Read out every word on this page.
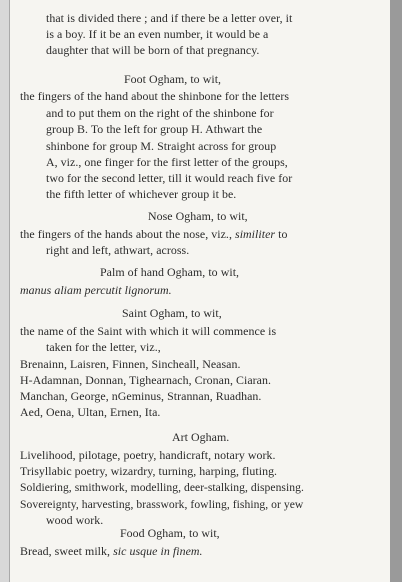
that is divided there ; and if there be a letter over, it
is a boy. If it be an even number, it would be a
daughter that will be born of that pregnancy.
Foot Ogham, to wit,
the fingers of the hand about the shinbone for the letters
and to put them on the right of the shinbone for
group B. To the left for group H. Athwart the
shinbone for group M. Straight across for group
A, viz., one finger for the first letter of the groups,
two for the second letter, till it would reach five for
the fifth letter of whichever group it be.
Nose Ogham, to wit,
the fingers of the hands about the nose, viz., similiter to
right and left, athwart, across.
Palm of hand Ogham, to wit,
manus aliam percutit lignorum.
Saint Ogham, to wit,
the name of the Saint with which it will commence is
taken for the letter, viz.,
Brenainn, Laisren, Finnen, Sincheall, Neasan.
H-Adamnan, Donnan, Tighearnach, Cronan, Ciaran.
Manchan, George, nGeminus, Strannan, Ruadhan.
Aed, Oena, Ultan, Ernen, Ita.
Art Ogham.
Livelihood, pilotage, poetry, handicraft, notary work.
Trisyllabic poetry, wizardry, turning, harping, fluting.
Soldiering, smithwork, modelling, deer-stalking, dispensing.
Sovereignty, harvesting, brasswork, fowling, fishing, or yew
wood work.
Food Ogham, to wit,
Bread, sweet milk, sic usque in finem.
